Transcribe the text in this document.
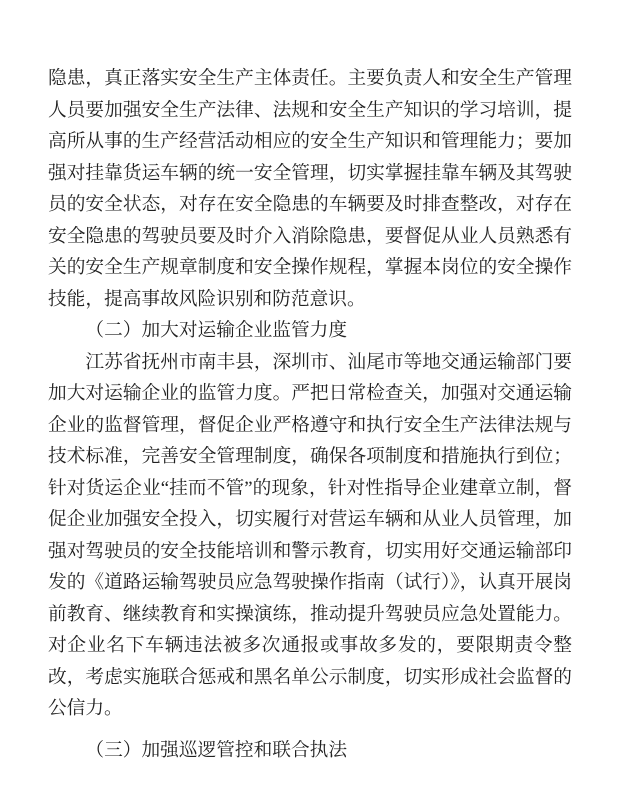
隐患，真正落实安全生产主体责任。主要负责人和安全生产管理人员要加强安全生产法律、法规和安全生产知识的学习培训，提高所从事的生产经营活动相应的安全生产知识和管理能力；要加强对挂靠货运车辆的统一安全管理，切实掌握挂靠车辆及其驾驶员的安全状态，对存在安全隐患的车辆要及时排查整改，对存在安全隐患的驾驶员要及时介入消除隐患，要督促从业人员熟悉有关的安全生产规章制度和安全操作规程，掌握本岗位的安全操作技能，提高事故风险识别和防范意识。

（二）加大对运输企业监管力度

江苏省抚州市南丰县，深圳市、汕尾市等地交通运输部门要加大对运输企业的监管力度。严把日常检查关，加强对交通运输企业的监督管理，督促企业严格遵守和执行安全生产法律法规与技术标准，完善安全管理制度，确保各项制度和措施执行到位；针对货运企业“挂而不管”的现象，针对性指导企业建章立制，督促企业加强安全投入，切实履行对营运车辆和从业人员管理，加强对驾驶员的安全技能培训和警示教育，切实用好交通运输部印发的《道路运输驾驶员应急驾驶操作指南（试行）》，认真开展岗前教育、继续教育和实操演练，推动提升驾驶员应急处置能力。对企业名下车辆违法被多次通报或事故多发的，要限期责令整改，考虑实施联合惩戒和黑名单公示制度，切实形成社会监督的公信力。

（三）加强巡逻管控和联合执法
